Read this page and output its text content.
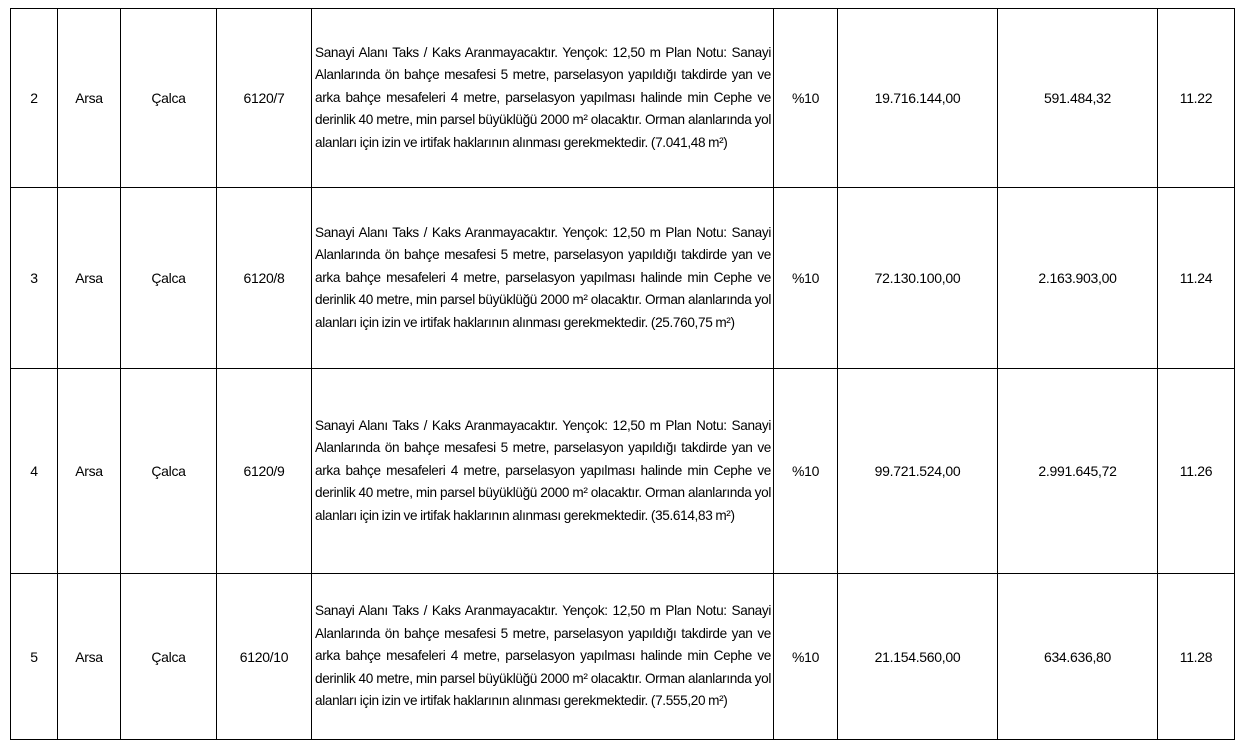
2	Arsa	Çalca	6120/7	Sanayi Alanı Taks / Kaks Aranmayacaktır. Yençok: 12,50 m Plan Notu: Sanayi Alanlarında ön bahçe mesafesi 5 metre, parselasyon yapıldığı takdirde yan ve arka bahçe mesafeleri 4 metre, parselasyon yapılması halinde min Cephe ve derinlik 40 metre, min parsel büyüklüğü 2000 m² olacaktır. Orman alanlarında yol alanları için izin ve irtifak haklarının alınması gerekmektedir. (7.041,48 m²)	%10	19.716.144,00	591.484,32	11.22
3	Arsa	Çalca	6120/8	Sanayi Alanı Taks / Kaks Aranmayacaktır. Yençok: 12,50 m Plan Notu: Sanayi Alanlarında ön bahçe mesafesi 5 metre, parselasyon yapıldığı takdirde yan ve arka bahçe mesafeleri 4 metre, parselasyon yapılması halinde min Cephe ve derinlik 40 metre, min parsel büyüklüğü 2000 m² olacaktır. Orman alanlarında yol alanları için izin ve irtifak haklarının alınması gerekmektedir. (25.760,75 m²)	%10	72.130.100,00	2.163.903,00	11.24
4	Arsa	Çalca	6120/9	Sanayi Alanı Taks / Kaks Aranmayacaktır. Yençok: 12,50 m Plan Notu: Sanayi Alanlarında ön bahçe mesafesi 5 metre, parselasyon yapıldığı takdirde yan ve arka bahçe mesafeleri 4 metre, parselasyon yapılması halinde min Cephe ve derinlik 40 metre, min parsel büyüklüğü 2000 m² olacaktır. Orman alanlarında yol alanları için izin ve irtifak haklarının alınması gerekmektedir. (35.614,83 m²)	%10	99.721.524,00	2.991.645,72	11.26
5	Arsa	Çalca	6120/10	Sanayi Alanı Taks / Kaks Aranmayacaktır. Yençok: 12,50 m Plan Notu: Sanayi Alanlarında ön bahçe mesafesi 5 metre, parselasyon yapıldığı takdirde yan ve arka bahçe mesafeleri 4 metre, parselasyon yapılması halinde min Cephe ve derinlik 40 metre, min parsel büyüklüğü 2000 m² olacaktır. Orman alanlarında yol alanları için izin ve irtifak haklarının alınması gerekmektedir. (7.555,20 m²)	%10	21.154.560,00	634.636,80	11.28
